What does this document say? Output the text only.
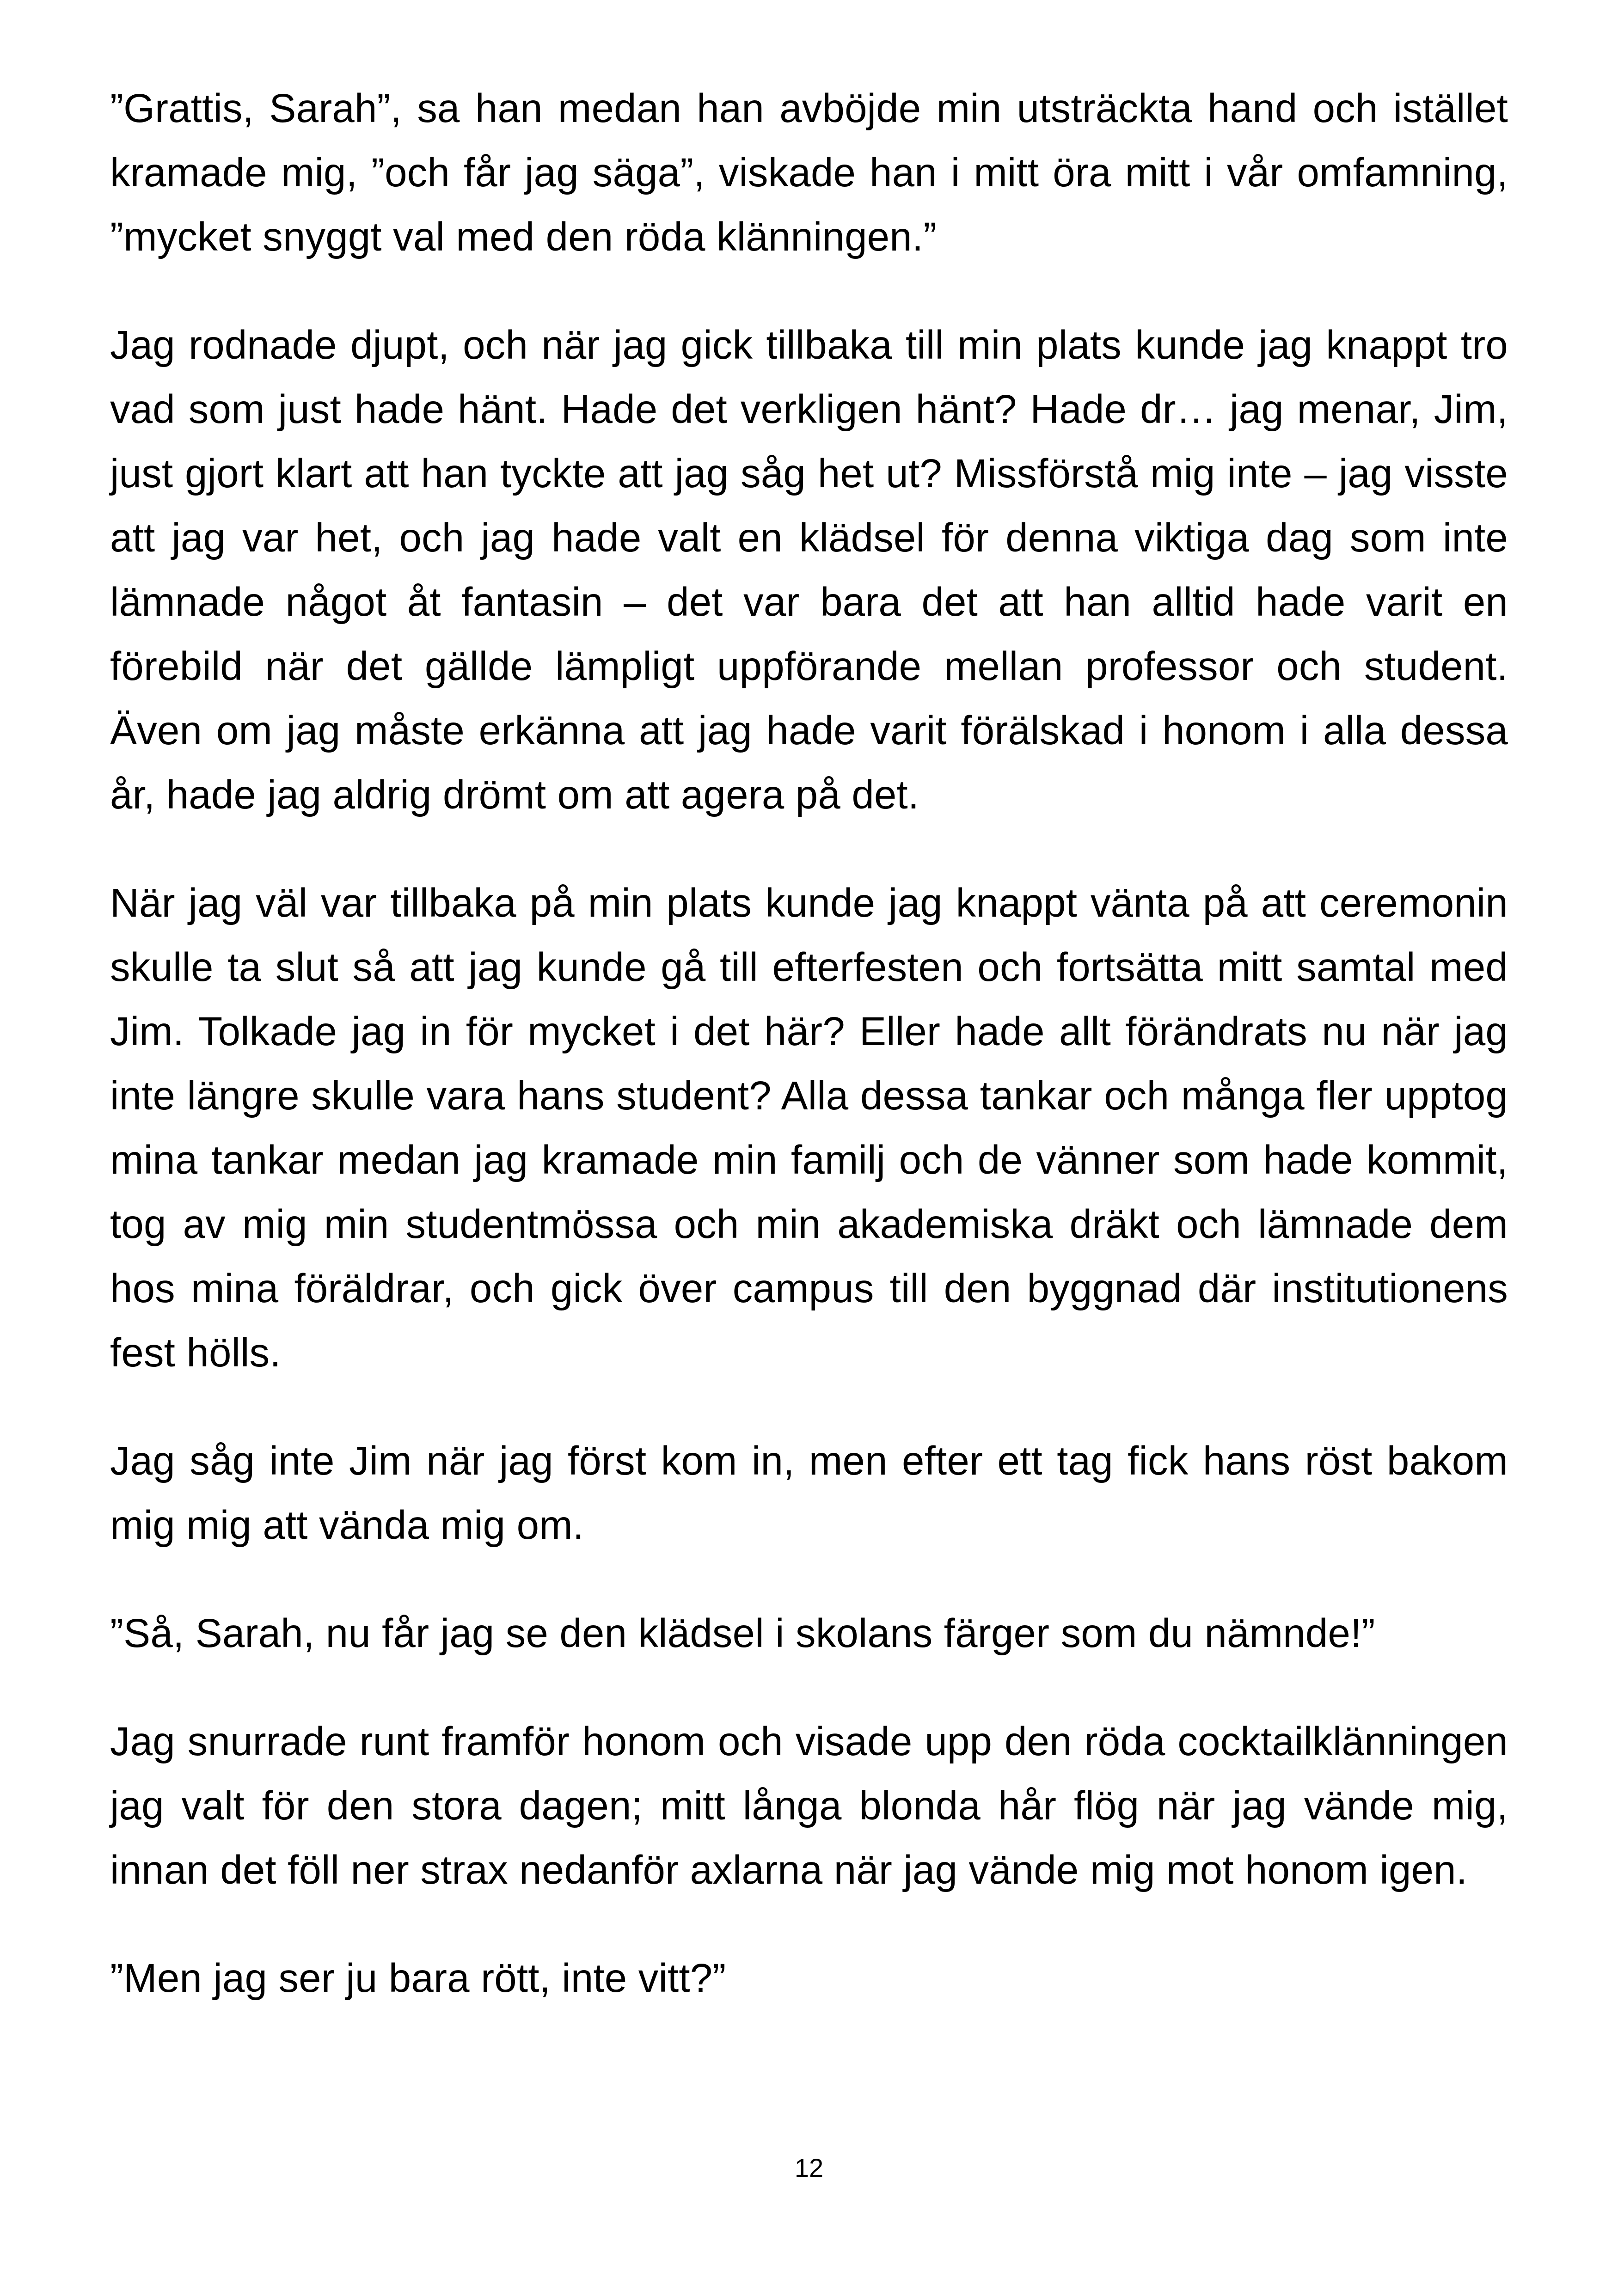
”Grattis, Sarah”, sa han medan han avböjde min utsträckta hand och istället kramade mig, ”och får jag säga”, viskade han i mitt öra mitt i vår omfamning, ”mycket snyggt val med den röda klänningen.”

Jag rodnade djupt, och när jag gick tillbaka till min plats kunde jag knappt tro vad som just hade hänt. Hade det verkligen hänt? Hade dr… jag menar, Jim, just gjort klart att han tyckte att jag såg het ut? Missförstå mig inte – jag visste att jag var het, och jag hade valt en klädsel för denna viktiga dag som inte lämnade något åt fantasin – det var bara det att han alltid hade varit en förebild när det gällde lämpligt uppförande mellan professor och student. Även om jag måste erkänna att jag hade varit förälskad i honom i alla dessa år, hade jag aldrig drömt om att agera på det.

När jag väl var tillbaka på min plats kunde jag knappt vänta på att ceremonin skulle ta slut så att jag kunde gå till efterfesten och fortsätta mitt samtal med Jim. Tolkade jag in för mycket i det här? Eller hade allt förändrats nu när jag inte längre skulle vara hans student? Alla dessa tankar och många fler upptog mina tankar medan jag kramade min familj och de vänner som hade kommit, tog av mig min studentmössa och min akademiska dräkt och lämnade dem hos mina föräldrar, och gick över campus till den byggnad där institutionens fest hölls.

Jag såg inte Jim när jag först kom in, men efter ett tag fick hans röst bakom mig mig att vända mig om.

”Så, Sarah, nu får jag se den klädsel i skolans färger som du nämnde!”

Jag snurrade runt framför honom och visade upp den röda cocktailklänningen jag valt för den stora dagen; mitt långa blonda hår flög när jag vände mig, innan det föll ner strax nedanför axlarna när jag vände mig mot honom igen.

”Men jag ser ju bara rött, inte vitt?”

12
